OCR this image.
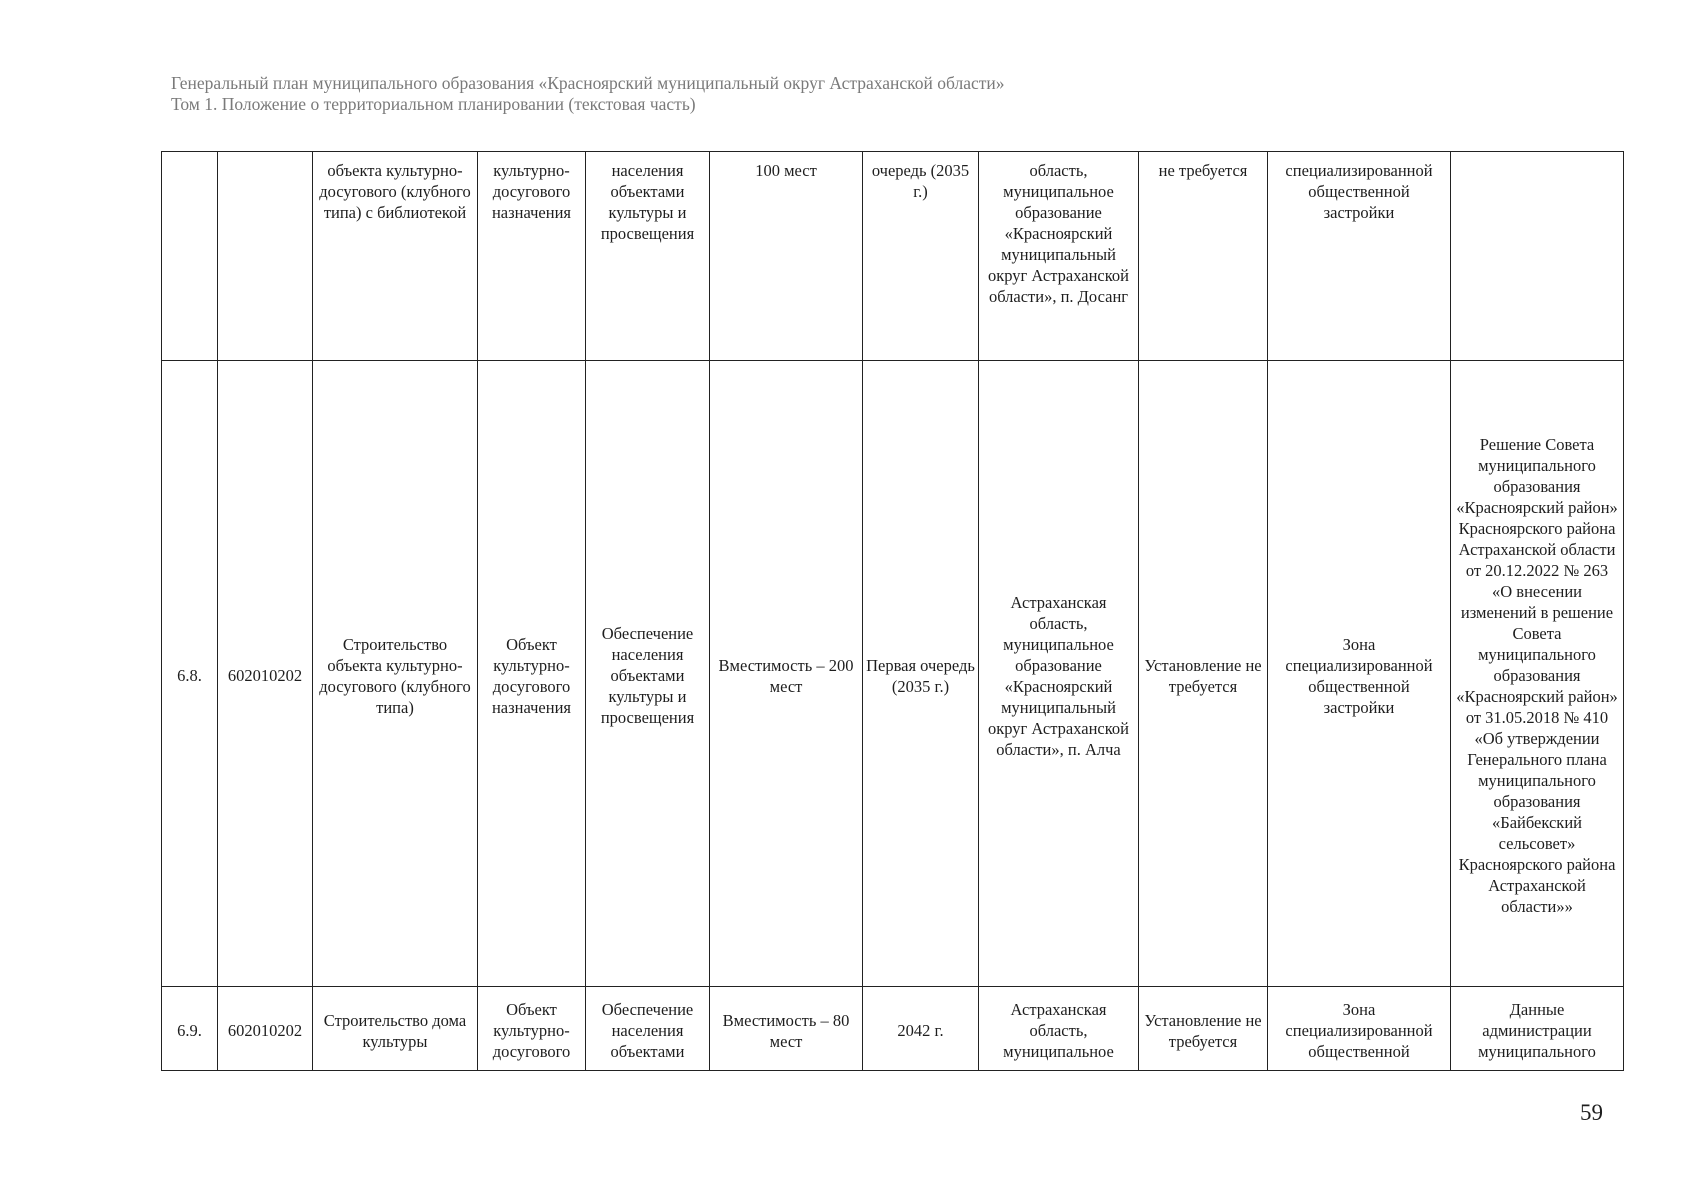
Генеральный план муниципального образования «Красноярский муниципальный округ Астраханской области»
Том 1. Положение о территориальном планировании (текстовая часть)
		объекта культурно-досугового (клубного типа) с библиотекой	культурно-досугового назначения	населения объектами культуры и просвещения	100 мест	очередь (2035 г.)	область, муниципальное образование «Красноярский муниципальный округ Астраханской области», п. Досанг	не требуется	специализированной общественной застройки	
6.8.	602010202	Строительство объекта культурно-досугового (клубного типа)	Объект культурно-досугового назначения	Обеспечение населения объектами культуры и просвещения	Вместимость – 200 мест	Первая очередь (2035 г.)	Астраханская область, муниципальное образование «Красноярский муниципальный округ Астраханской области», п. Алча	Установление не требуется	Зона специализированной общественной застройки	Решение Совета муниципального образования «Красноярский район» Красноярского района Астраханской области от 20.12.2022 № 263 «О внесении изменений в решение Совета муниципального образования «Красноярский район» от 31.05.2018 № 410 «Об утверждении Генерального плана муниципального образования «Байбекский сельсовет» Красноярского района Астраханской области»»
6.9.	602010202	Строительство дома культуры	Объект культурно-досугового	Обеспечение населения объектами	Вместимость – 80 мест	2042 г.	Астраханская область, муниципальное	Установление не требуется	Зона специализированной общественной	Данные администрации муниципального
59
